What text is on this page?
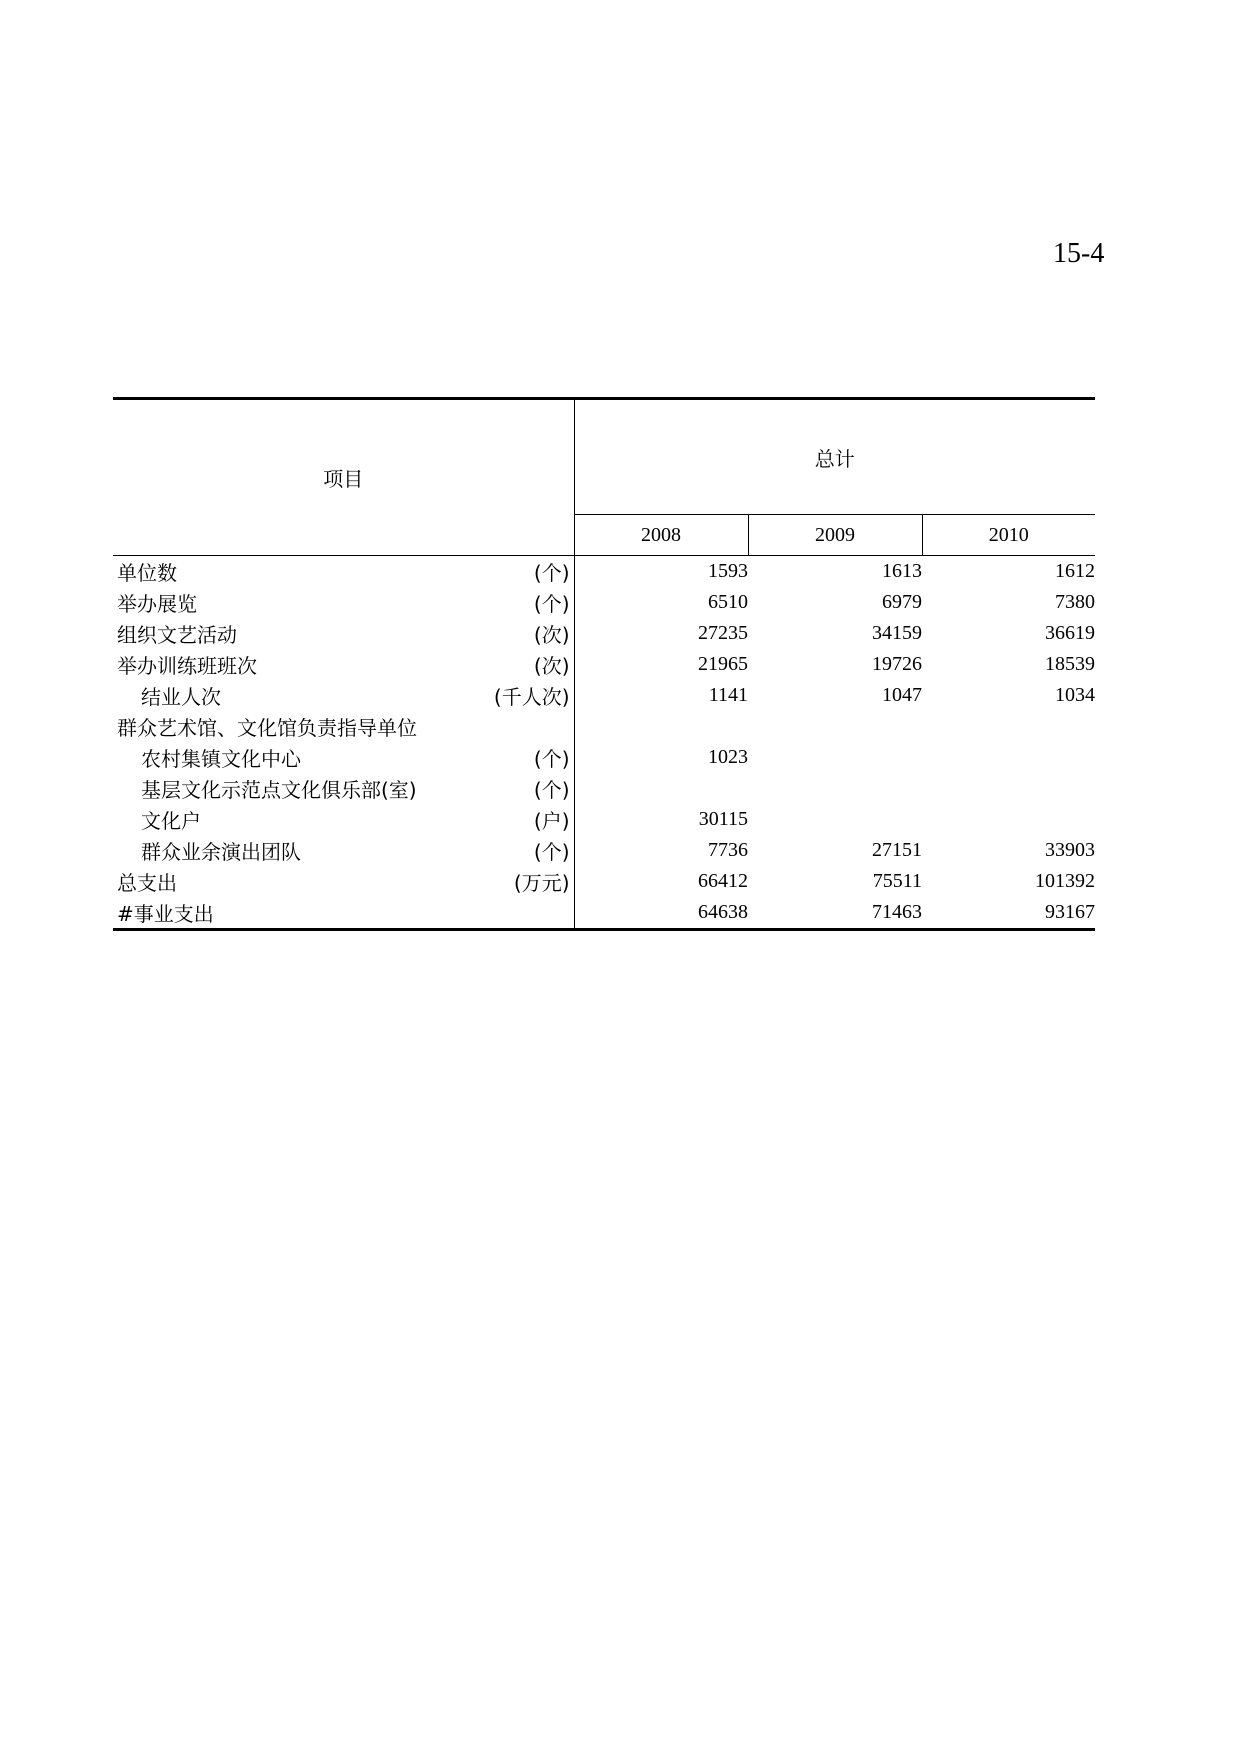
15-4
项目	总计		
	2008	2009	2010

单位数 (个)	1593	1613	1612

举办展览 (个)	6510	6979	7380

组织文艺活动 (次)	27235	34159	36619

举办训练班班次 (次)	21965	19726	18539

结业人次 (千人次)	1141	1047	1034

群众艺术馆、文化馆负责指导单位			

农村集镇文化中心 (个)	1023		

基层文化示范点文化俱乐部(室) (个)			

文化户 (户)	30115		

群众业余演出团队 (个)	7736	27151	33903

总支出 (万元)	66412	75511	101392

#事业支出	64638	71463	93167
